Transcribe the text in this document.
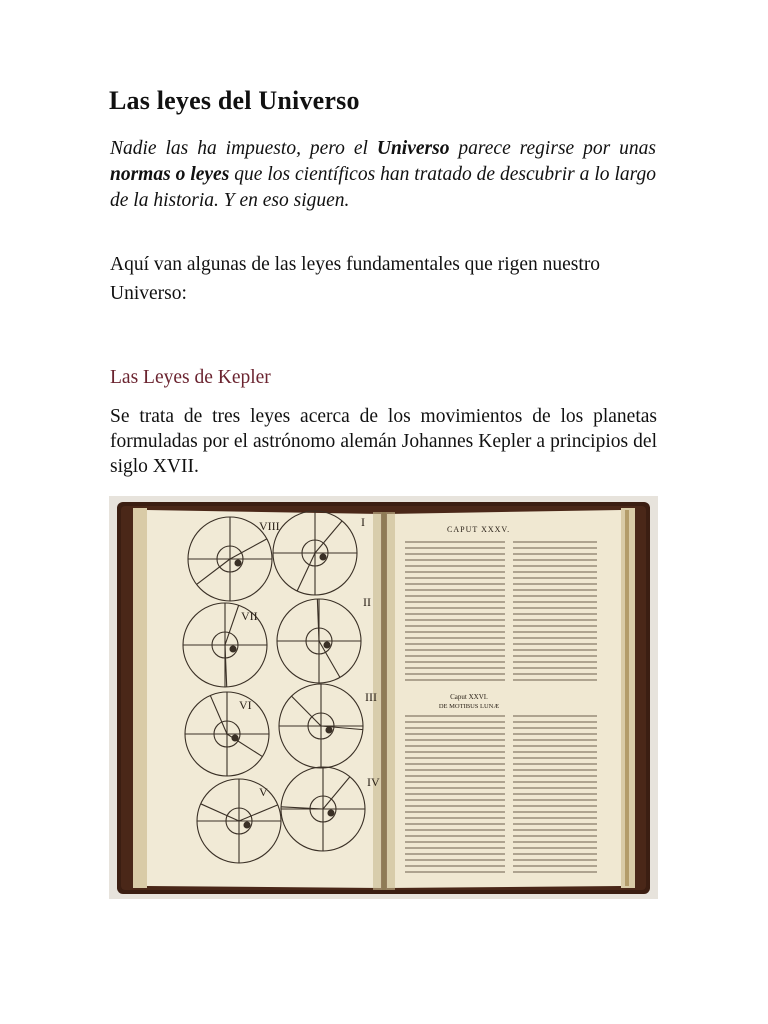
Las leyes del Universo

Nadie las ha impuesto, pero el Universo parece regirse por unas normas o leyes que los científicos han tratado de descubrir a lo largo de la historia. Y en eso siguen.

Aquí van algunas de las leyes fundamentales que rigen nuestro Universo:

Las Leyes de Kepler

Se trata de tres leyes acerca de los movimientos de los planetas formuladas por el astrónomo alemán Johannes Kepler a principios del siglo XVII.

VIII	I
VII
II
VI
III
V
IV
CAPUT XXXV.
Caput XXVI.
DE MOTIBUS LUNÆ
